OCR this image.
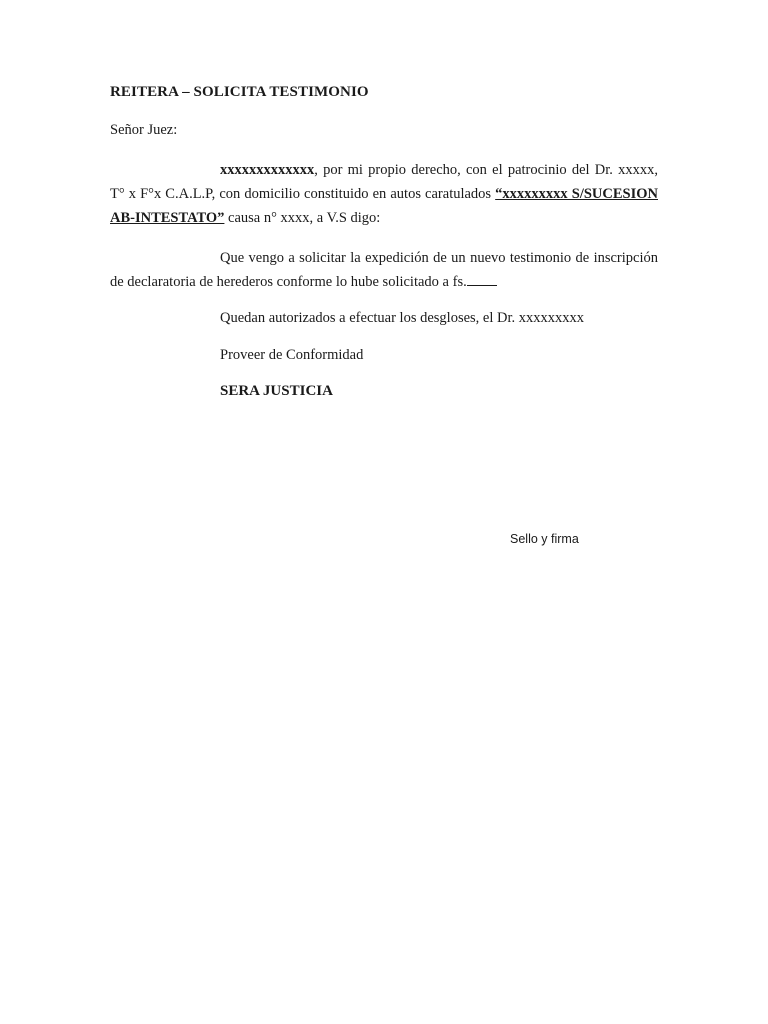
REITERA – SOLICITA TESTIMONIO
Señor Juez:
xxxxxxxxxxxxx, por mi propio derecho, con el patrocinio del Dr. xxxxx, T° x F°x C.A.L.P, con domicilio constituido en autos caratulados “xxxxxxxxx S/SUCESION AB-INTESTATO” causa n° xxxx, a V.S digo:
Que vengo a solicitar la expedición de un nuevo testimonio de inscripción de declaratoria de herederos conforme lo hube solicitado a fs.
Quedan autorizados a efectuar los desgloses, el Dr. xxxxxxxxx
Proveer de Conformidad
SERA JUSTICIA
Sello y firma
